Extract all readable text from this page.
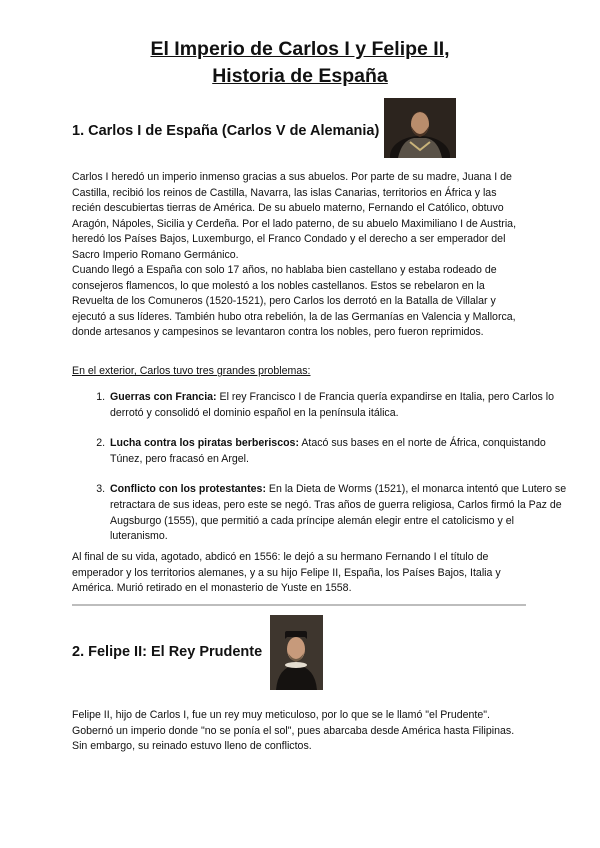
El Imperio de Carlos I y Felipe II,
Historia de España
1. Carlos I de España (Carlos V de Alemania)

Carlos I heredó un imperio inmenso gracias a sus abuelos. Por parte de su madre, Juana I de Castilla, recibió los reinos de Castilla, Navarra, las islas Canarias, territorios en África y las recién descubiertas tierras de América. De su abuelo materno, Fernando el Católico, obtuvo Aragón, Nápoles, Sicilia y Cerdeña. Por el lado paterno, de su abuelo Maximiliano I de Austria, heredó los Países Bajos, Luxemburgo, el Franco Condado y el derecho a ser emperador del Sacro Imperio Romano Germánico.

Cuando llegó a España con solo 17 años, no hablaba bien castellano y estaba rodeado de consejeros flamencos, lo que molestó a los nobles castellanos. Estos se rebelaron en la Revuelta de los Comuneros (1520-1521), pero Carlos los derrotó en la Batalla de Villalar y ejecutó a sus líderes. También hubo otra rebelión, la de las Germanías en Valencia y Mallorca, donde artesanos y campesinos se levantaron contra los nobles, pero fueron reprimidos.

En el exterior, Carlos tuvo tres grandes problemas:
1. Guerras con Francia: El rey Francisco I de Francia quería expandirse en Italia, pero Carlos lo derrotó y consolidó el dominio español en la península itálica.
2. Lucha contra los piratas berberiscos: Atacó sus bases en el norte de África, conquistando Túnez, pero fracasó en Argel.
3. Conflicto con los protestantes: En la Dieta de Worms (1521), el monarca intentó que Lutero se retractara de sus ideas, pero este se negó. Tras años de guerra religiosa, Carlos firmó la Paz de Augsburgo (1555), que permitió a cada príncipe alemán elegir entre el catolicismo y el luteranismo.

Al final de su vida, agotado, abdicó en 1556: le dejó a su hermano Fernando I el título de emperador y los territorios alemanes, y a su hijo Felipe II, España, los Países Bajos, Italia y América. Murió retirado en el monasterio de Yuste en 1558.

2. Felipe II: El Rey Prudente

Felipe II, hijo de Carlos I, fue un rey muy meticuloso, por lo que se le llamó "el Prudente". Gobernó un imperio donde "no se ponía el sol", pues abarcaba desde América hasta Filipinas. Sin embargo, su reinado estuvo lleno de conflictos.
